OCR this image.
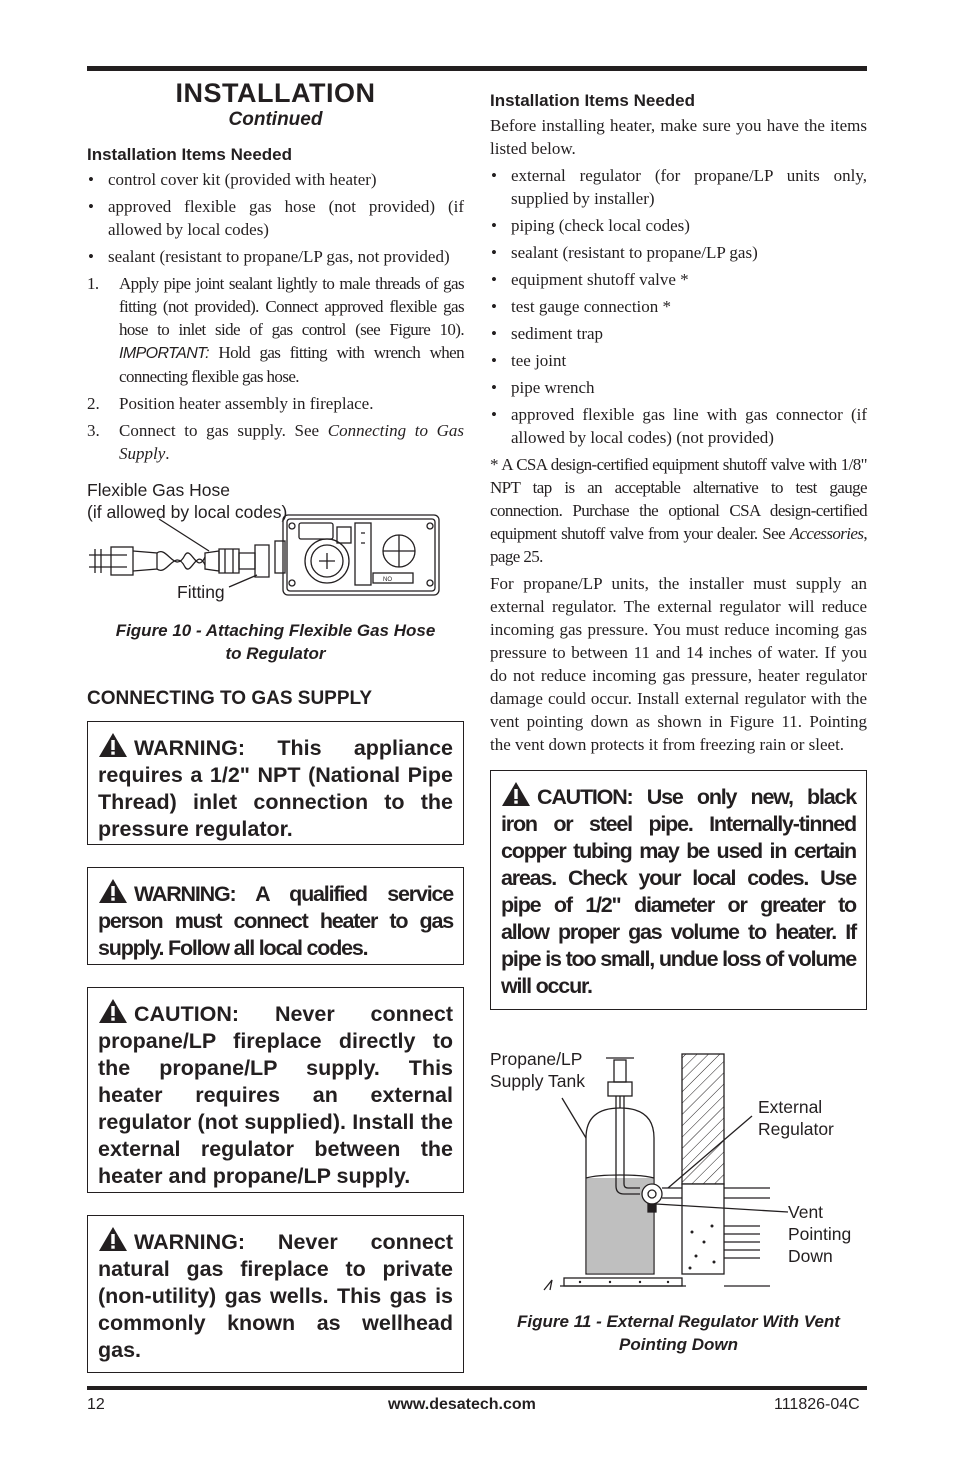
INSTALLATION

Continued

Installation Items Needed

• control cover kit (provided with heater)
• approved flexible gas hose (not provided) (if allowed by local codes)
• sealant (resistant to propane/LP gas, not provided)
1. Apply pipe joint sealant lightly to male threads of gas fitting (not provided). Connect approved flexible gas hose to inlet side of gas control (see Figure 10). IMPORTANT: Hold gas fitting with wrench when connecting flexible gas hose.
2. Position heater assembly in fireplace.
3. Connect to gas supply. See Connecting to Gas Supply.
Flexible Gas Hose
(if allowed by local codes)
Fitting
NO
Figure 10 - Attaching Flexible Gas Hose
to Regulator

CONNECTING TO GAS SUPPLY

WARNING: This appliance requires a 1/2" NPT (National Pipe Thread) inlet connection to the pressure regulator.
WARNING: A qualified service person must connect heater to gas supply. Follow all local codes.
CAUTION: Never connect propane/LP fireplace directly to the propane/LP supply. This heater requires an external regulator (not supplied). Install the external regulator between the heater and propane/LP supply.
WARNING: Never connect natural gas fireplace to private (non-utility) gas wells. This gas is commonly known as wellhead gas.

Installation Items Needed

Before installing heater, make sure you have the items listed below.

• external regulator (for propane/LP units only, supplied by installer)
• piping (check local codes)
• sealant (resistant to propane/LP gas)
• equipment shutoff valve *
• test gauge connection *
• sediment trap
• tee joint
• pipe wrench
• approved flexible gas line with gas connector (if allowed by local codes) (not provided)

* A CSA design-certified equipment shutoff valve with 1/8" NPT tap is an acceptable alternative to test gauge connection. Purchase the optional CSA design-certified equipment shutoff valve from your dealer. See Accessories, page 25.

For propane/LP units, the installer must supply an external regulator. The external regulator will reduce incoming gas pressure. You must reduce incoming gas pressure to between 11 and 14 inches of water. If you do not reduce incoming gas pressure, heater regulator damage could occur. Install external regulator with the vent pointing down as shown in Figure 11. Pointing the vent down protects it from freezing rain or sleet.

CAUTION: Use only new, black iron or steel pipe. Internally-tinned copper tubing may be used in certain areas. Check your local codes. Use pipe of 1/2" diameter or greater to allow proper gas volume to heater. If pipe is too small, undue loss of volume will occur.
Propane/LP
Supply Tank
External
Regulator
Vent
Pointing
Down
Figure 11 - External Regulator With Vent
Pointing Down
12	www.desatech.com	111826-04C
